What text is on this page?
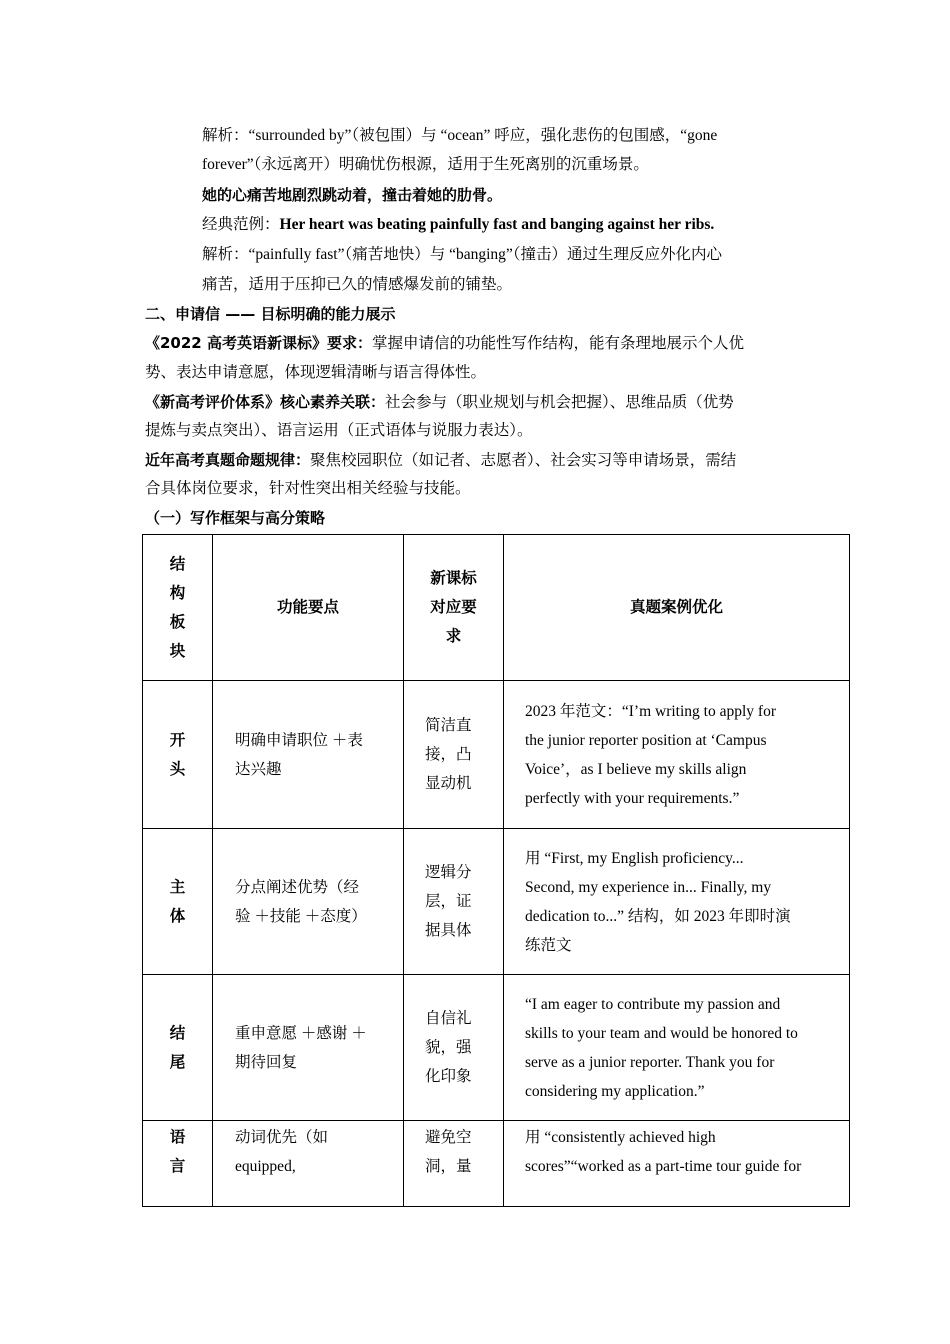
解析：“surrounded by”（被包围）与 “ocean” 呼应，强化悲伤的包围感，“gone
forever”（永远离开）明确忧伤根源，适用于生死离别的沉重场景。
她的心痛苦地剧烈跳动着，撞击着她的肋骨。
经典范例：Her heart was beating painfully fast and banging against her ribs.
解析：“painfully fast”（痛苦地快）与 “banging”（撞击）通过生理反应外化内心
痛苦，适用于压抑已久的情感爆发前的铺垫。
二、申请信 —— 目标明确的能力展示
《2022 高考英语新课标》要求：掌握申请信的功能性写作结构，能有条理地展示个人优
势、表达申请意愿，体现逻辑清晰与语言得体性。
《新高考评价体系》核心素养关联：社会参与（职业规划与机会把握）、思维品质（优势
提炼与卖点突出）、语言运用（正式语体与说服力表达）。
近年高考真题命题规律：聚焦校园职位（如记者、志愿者）、社会实习等申请场景，需结
合具体岗位要求，针对性突出相关经验与技能。
（一）写作框架与高分策略
结
构
板
块	功能要点	新课标
对应要
求	真题案例优化

开
头	明确申请职位 ＋表
达兴趣	简洁直
接，凸
显动机	2023 年范文：“I’m writing to apply for
the junior reporter position at ‘Campus
Voice’，as I believe my skills align
perfectly with your requirements.”

主
体	分点阐述优势（经
验 ＋技能 ＋态度）	逻辑分
层，证
据具体	用 “First, my English proficiency...
Second, my experience in... Finally, my
dedication to...” 结构，如 2023 年即时演
练范文

结
尾	重申意愿 ＋感谢 ＋
期待回复	自信礼
貌，强
化印象	“I am eager to contribute my passion and
skills to your team and would be honored to
serve as a junior reporter. Thank you for
considering my application.”

语
言	动词优先（如
equipped,	避免空
洞，量	用 “consistently achieved high
scores”“worked as a part-time tour guide for
